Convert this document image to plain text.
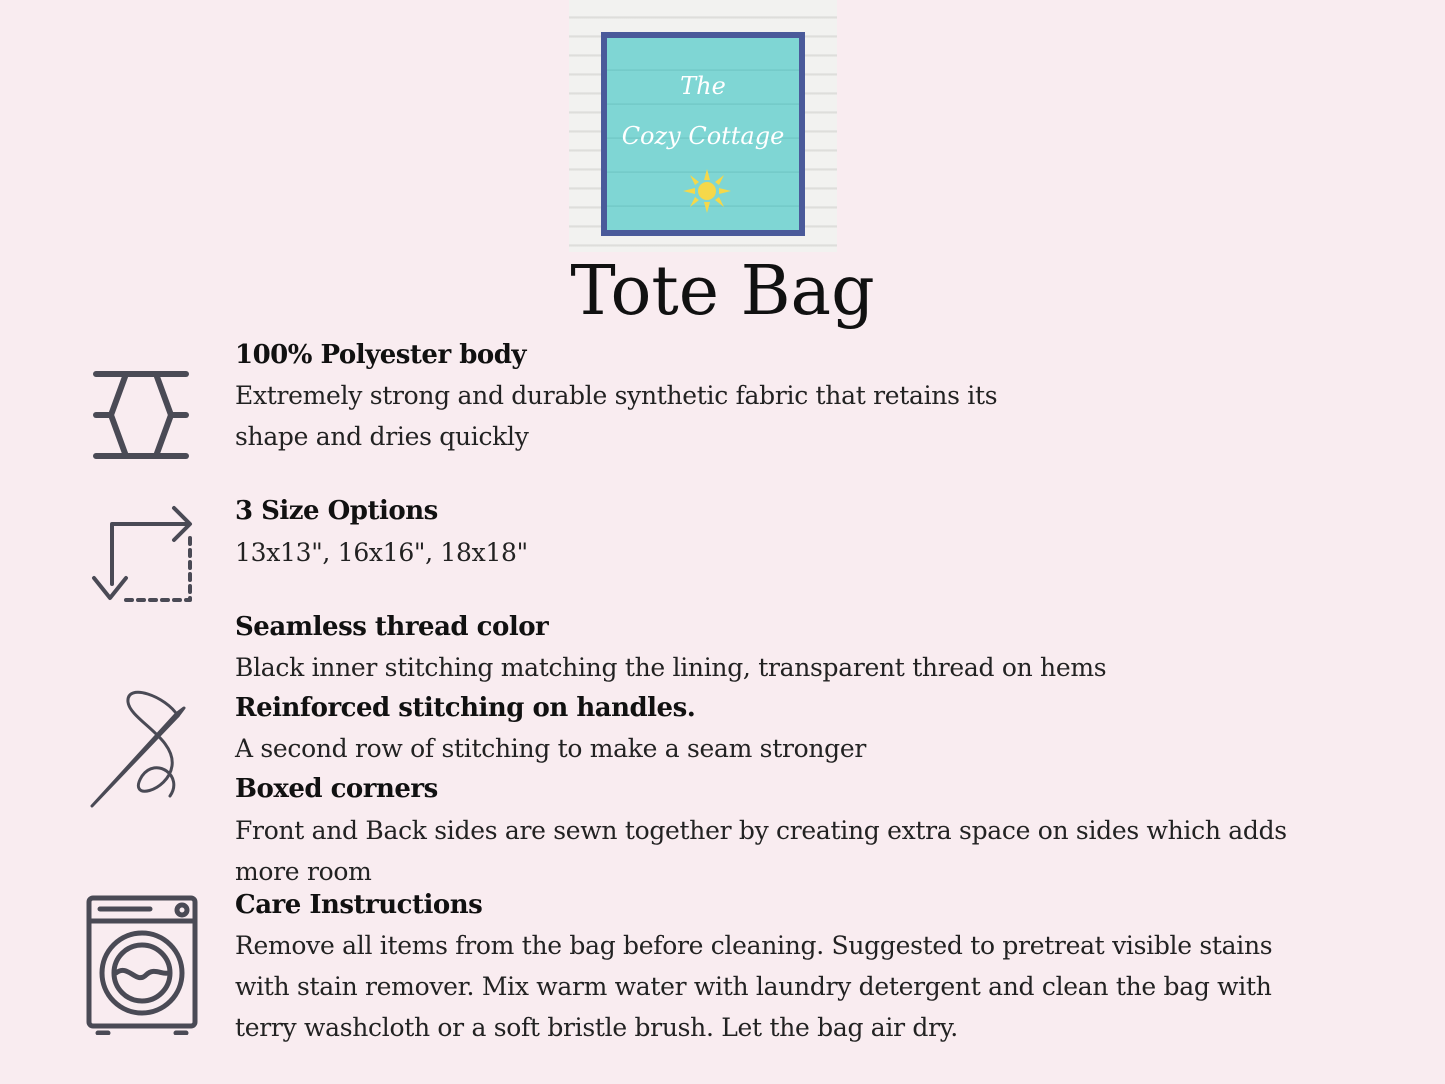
The
Cozy Cottage
Tote Bag
100% Polyester body
Extremely strong and durable synthetic fabric that retains its
shape and dries quickly
3 Size Options
13x13", 16x16", 18x18"
Seamless thread color
Black inner stitching matching the lining, transparent thread on hems
Reinforced stitching on handles.
A second row of stitching to make a seam stronger
Boxed corners
Front and Back sides are sewn together by creating extra space on sides which adds
more room
Care Instructions
Remove all items from the bag before cleaning. Suggested to pretreat visible stains
with stain remover. Mix warm water with laundry detergent and clean the bag with
terry washcloth or a soft bristle brush. Let the bag air dry.
